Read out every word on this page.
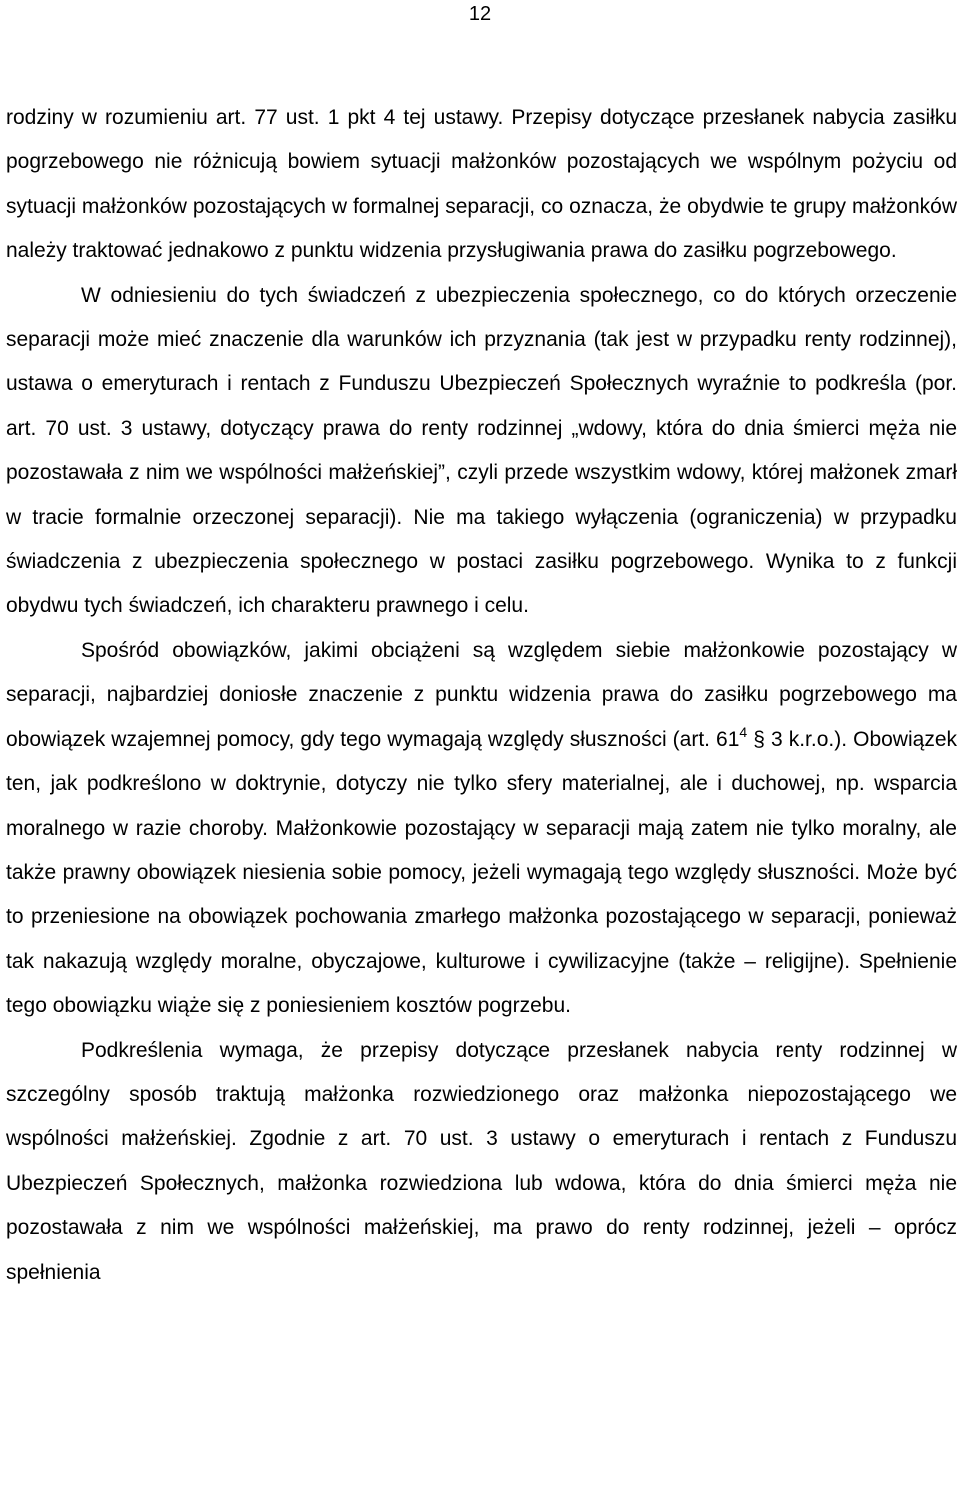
12

rodziny w rozumieniu art. 77 ust. 1 pkt 4 tej ustawy. Przepisy dotyczące przesłanek nabycia zasiłku pogrzebowego nie różnicują bowiem sytuacji małżonków pozostających we wspólnym pożyciu od sytuacji małżonków pozostających w formalnej separacji, co oznacza, że obydwie te grupy małżonków należy traktować jednakowo z punktu widzenia przysługiwania prawa do zasiłku pogrzebowego.

W odniesieniu do tych świadczeń z ubezpieczenia społecznego, co do których orzeczenie separacji może mieć znaczenie dla warunków ich przyznania (tak jest w przypadku renty rodzinnej), ustawa o emeryturach i rentach z Funduszu Ubezpieczeń Społecznych wyraźnie to podkreśla (por. art. 70 ust. 3 ustawy, dotyczący prawa do renty rodzinnej „wdowy, która do dnia śmierci męża nie pozostawała z nim we wspólności małżeńskiej”, czyli przede wszystkim wdowy, której małżonek zmarł w tracie formalnie orzeczonej separacji). Nie ma takiego wyłączenia (ograniczenia) w przypadku świadczenia z ubezpieczenia społecznego w postaci zasiłku pogrzebowego. Wynika to z funkcji obydwu tych świadczeń, ich charakteru prawnego i celu.

Spośród obowiązków, jakimi obciążeni są względem siebie małżonkowie pozostający w separacji, najbardziej doniosłe znaczenie z punktu widzenia prawa do zasiłku pogrzebowego ma obowiązek wzajemnej pomocy, gdy tego wymagają względy słuszności (art. $61^4$ § 3 k.r.o.). Obowiązek ten, jak podkreślono w doktrynie, dotyczy nie tylko sfery materialnej, ale i duchowej, np. wsparcia moralnego w razie choroby. Małżonkowie pozostający w separacji mają zatem nie tylko moralny, ale także prawny obowiązek niesienia sobie pomocy, jeżeli wymagają tego względy słuszności. Może być to przeniesione na obowiązek pochowania zmarłego małżonka pozostającego w separacji, ponieważ tak nakazują względy moralne, obyczajowe, kulturowe i cywilizacyjne (także – religijne). Spełnienie tego obowiązku wiąże się z poniesieniem kosztów pogrzebu.

Podkreślenia wymaga, że przepisy dotyczące przesłanek nabycia renty rodzinnej w szczególny sposób traktują małżonka rozwiedzionego oraz małżonka niepozostającego we wspólności małżeńskiej. Zgodnie z art. 70 ust. 3 ustawy o emeryturach i rentach z Funduszu Ubezpieczeń Społecznych, małżonka rozwiedziona lub wdowa, która do dnia śmierci męża nie pozostawała z nim we wspólności małżeńskiej, ma prawo do renty rodzinnej, jeżeli – oprócz spełnienia
